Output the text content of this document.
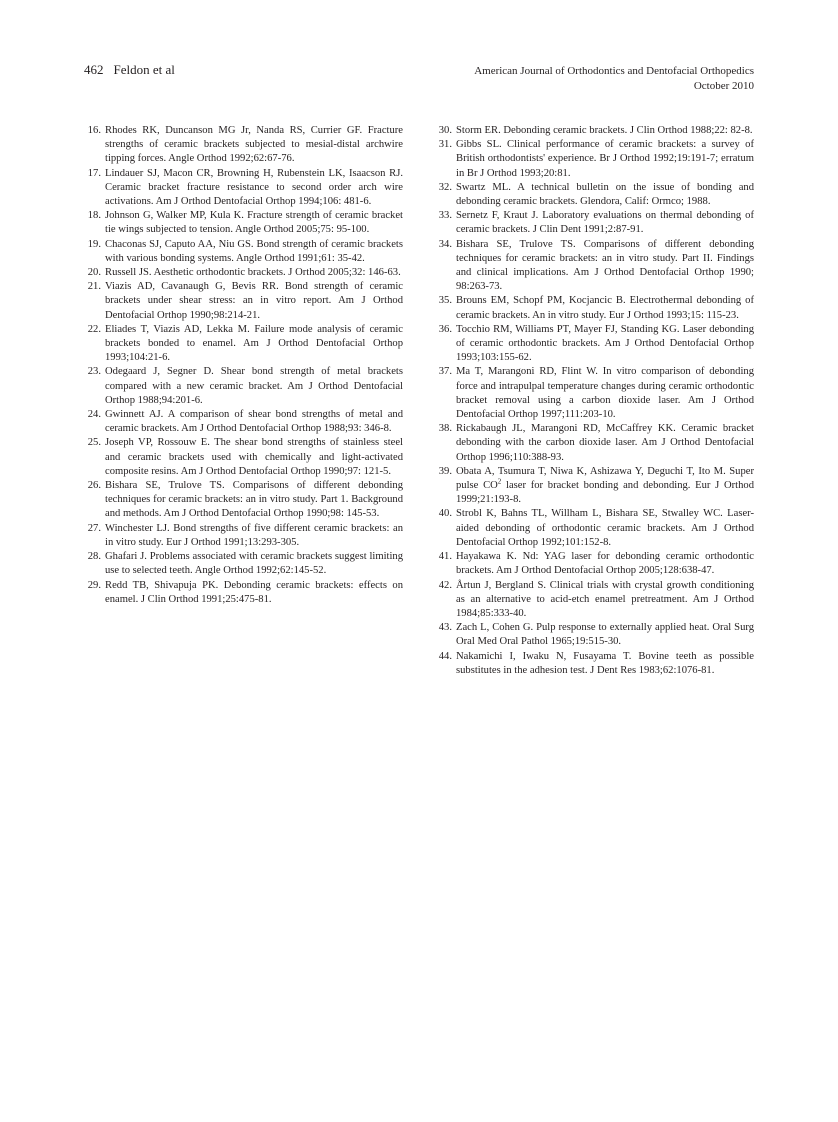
462 Feldon et al	American Journal of Orthodontics and Dentofacial Orthopedics
October 2010

16. Rhodes RK, Duncanson MG Jr, Nanda RS, Currier GF. Fracture strengths of ceramic brackets subjected to mesial-distal archwire tipping forces. Angle Orthod 1992;62:67-76.

17. Lindauer SJ, Macon CR, Browning H, Rubenstein LK, Isaacson RJ. Ceramic bracket fracture resistance to second order arch wire activations. Am J Orthod Dentofacial Orthop 1994;106: 481-6.

18. Johnson G, Walker MP, Kula K. Fracture strength of ceramic bracket tie wings subjected to tension. Angle Orthod 2005;75: 95-100.

19. Chaconas SJ, Caputo AA, Niu GS. Bond strength of ceramic brackets with various bonding systems. Angle Orthod 1991;61: 35-42.

20. Russell JS. Aesthetic orthodontic brackets. J Orthod 2005;32: 146-63.

21. Viazis AD, Cavanaugh G, Bevis RR. Bond strength of ceramic brackets under shear stress: an in vitro report. Am J Orthod Dentofacial Orthop 1990;98:214-21.

22. Eliades T, Viazis AD, Lekka M. Failure mode analysis of ceramic brackets bonded to enamel. Am J Orthod Dentofacial Orthop 1993;104:21-6.

23. Odegaard J, Segner D. Shear bond strength of metal brackets compared with a new ceramic bracket. Am J Orthod Dentofacial Orthop 1988;94:201-6.

24. Gwinnett AJ. A comparison of shear bond strengths of metal and ceramic brackets. Am J Orthod Dentofacial Orthop 1988;93: 346-8.

25. Joseph VP, Rossouw E. The shear bond strengths of stainless steel and ceramic brackets used with chemically and light-activated composite resins. Am J Orthod Dentofacial Orthop 1990;97: 121-5.

26. Bishara SE, Trulove TS. Comparisons of different debonding techniques for ceramic brackets: an in vitro study. Part 1. Background and methods. Am J Orthod Dentofacial Orthop 1990;98: 145-53.

27. Winchester LJ. Bond strengths of five different ceramic brackets: an in vitro study. Eur J Orthod 1991;13:293-305.

28. Ghafari J. Problems associated with ceramic brackets suggest limiting use to selected teeth. Angle Orthod 1992;62:145-52.

29. Redd TB, Shivapuja PK. Debonding ceramic brackets: effects on enamel. J Clin Orthod 1991;25:475-81.

30. Storm ER. Debonding ceramic brackets. J Clin Orthod 1988;22: 82-8.

31. Gibbs SL. Clinical performance of ceramic brackets: a survey of British orthodontists' experience. Br J Orthod 1992;19:191-7; erratum in Br J Orthod 1993;20:81.

32. Swartz ML. A technical bulletin on the issue of bonding and debonding ceramic brackets. Glendora, Calif: Ormco; 1988.

33. Sernetz F, Kraut J. Laboratory evaluations on thermal debonding of ceramic brackets. J Clin Dent 1991;2:87-91.

34. Bishara SE, Trulove TS. Comparisons of different debonding techniques for ceramic brackets: an in vitro study. Part II. Findings and clinical implications. Am J Orthod Dentofacial Orthop 1990; 98:263-73.

35. Brouns EM, Schopf PM, Kocjancic B. Electrothermal debonding of ceramic brackets. An in vitro study. Eur J Orthod 1993;15: 115-23.

36. Tocchio RM, Williams PT, Mayer FJ, Standing KG. Laser debonding of ceramic orthodontic brackets. Am J Orthod Dentofacial Orthop 1993;103:155-62.

37. Ma T, Marangoni RD, Flint W. In vitro comparison of debonding force and intrapulpal temperature changes during ceramic orthodontic bracket removal using a carbon dioxide laser. Am J Orthod Dentofacial Orthop 1997;111:203-10.

38. Rickabaugh JL, Marangoni RD, McCaffrey KK. Ceramic bracket debonding with the carbon dioxide laser. Am J Orthod Dentofacial Orthop 1996;110:388-93.

39. Obata A, Tsumura T, Niwa K, Ashizawa Y, Deguchi T, Ito M. Super pulse $CO^2$ laser for bracket bonding and debonding. Eur J Orthod 1999;21:193-8.

40. Strobl K, Bahns TL, Willham L, Bishara SE, Stwalley WC. Laser-aided debonding of orthodontic ceramic brackets. Am J Orthod Dentofacial Orthop 1992;101:152-8.

41. Hayakawa K. Nd: YAG laser for debonding ceramic orthodontic brackets. Am J Orthod Dentofacial Orthop 2005;128:638-47.

42. Årtun J, Bergland S. Clinical trials with crystal growth conditioning as an alternative to acid-etch enamel pretreatment. Am J Orthod 1984;85:333-40.

43. Zach L, Cohen G. Pulp response to externally applied heat. Oral Surg Oral Med Oral Pathol 1965;19:515-30.

44. Nakamichi I, Iwaku N, Fusayama T. Bovine teeth as possible substitutes in the adhesion test. J Dent Res 1983;62:1076-81.
